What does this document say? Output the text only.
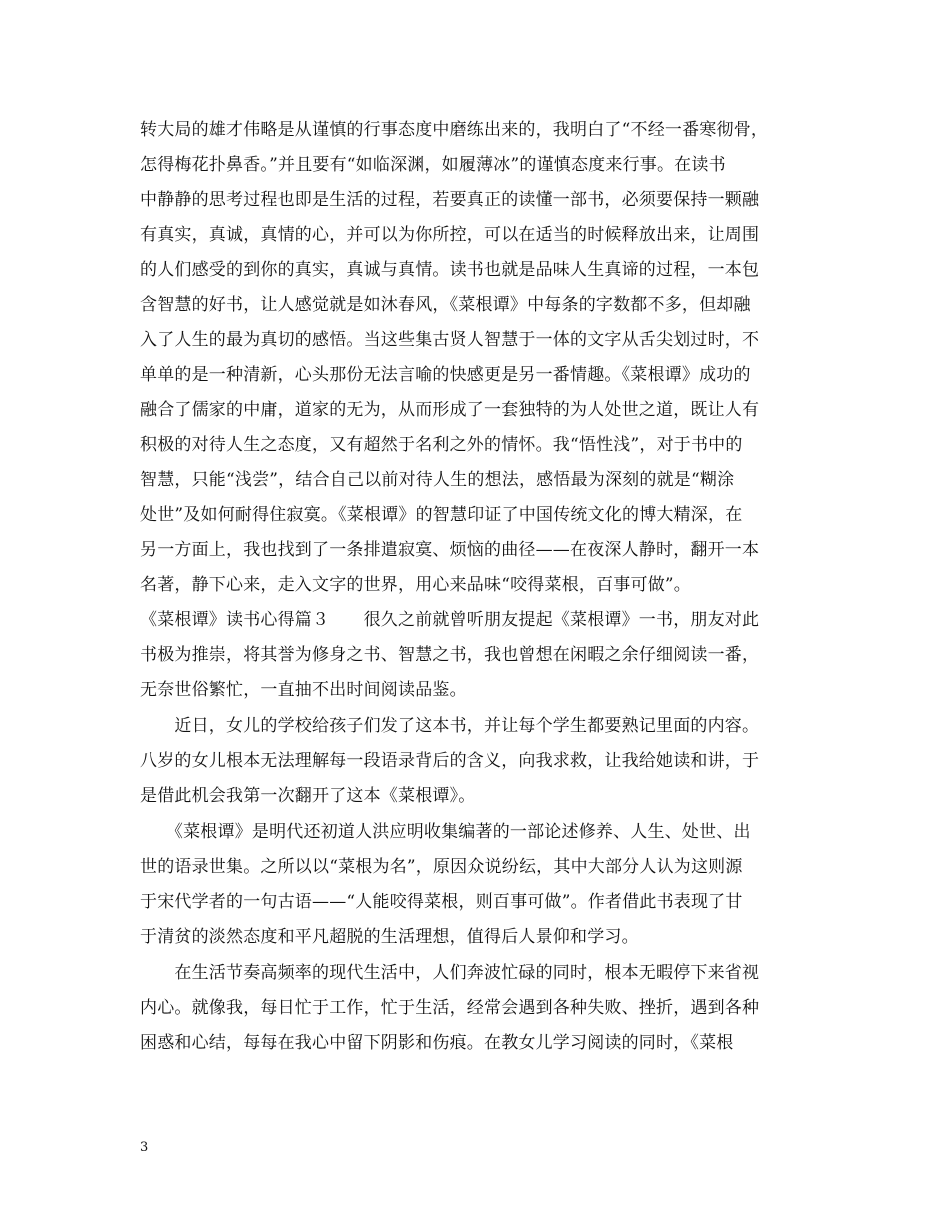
转大局的雄才伟略是从谨慎的行事态度中磨练出来的，我明白了“不经一番寒彻骨，
怎得梅花扑鼻香。”并且要有“如临深渊，如履薄冰”的谨慎态度来行事。在读书
中静静的思考过程也即是生活的过程，若要真正的读懂一部书，必须要保持一颗融
有真实，真诚，真情的心，并可以为你所控，可以在适当的时候释放出来，让周围
的人们感受的到你的真实，真诚与真情。读书也就是品味人生真谛的过程，一本包
含智慧的好书，让人感觉就是如沐春风，《菜根谭》中每条的字数都不多，但却融
入了人生的最为真切的感悟。当这些集古贤人智慧于一体的文字从舌尖划过时，不
单单的是一种清新，心头那份无法言喻的快感更是另一番情趣。《菜根谭》成功的
融合了儒家的中庸，道家的无为，从而形成了一套独特的为人处世之道，既让人有
积极的对待人生之态度，又有超然于名利之外的情怀。我“悟性浅”，对于书中的
智慧，只能“浅尝”，结合自己以前对待人生的想法，感悟最为深刻的就是“糊涂
处世”及如何耐得住寂寞。《菜根谭》的智慧印证了中国传统文化的博大精深，在
另一方面上，我也找到了一条排遣寂寞、烦恼的曲径——在夜深人静时，翻开一本
名著，静下心来，走入文字的世界，用心来品味“咬得菜根，百事可做”。
《菜根谭》读书心得篇３　　很久之前就曾听朋友提起《菜根谭》一书，朋友对此
书极为推崇，将其誉为修身之书、智慧之书，我也曾想在闲暇之余仔细阅读一番，
无奈世俗繁忙，一直抽不出时间阅读品鉴。
　　近日，女儿的学校给孩子们发了这本书，并让每个学生都要熟记里面的内容。
八岁的女儿根本无法理解每一段语录背后的含义，向我求救，让我给她读和讲，于
是借此机会我第一次翻开了这本《菜根谭》。
　　《菜根谭》是明代还初道人洪应明收集编著的一部论述修养、人生、处世、出
世的语录世集。之所以以“菜根为名”，原因众说纷纭，其中大部分人认为这则源
于宋代学者的一句古语——“人能咬得菜根，则百事可做”。作者借此书表现了甘
于清贫的淡然态度和平凡超脱的生活理想，值得后人景仰和学习。
　　在生活节奏高频率的现代生活中，人们奔波忙碌的同时，根本无暇停下来省视
内心。就像我，每日忙于工作，忙于生活，经常会遇到各种失败、挫折，遇到各种
困惑和心结，每每在我心中留下阴影和伤痕。在教女儿学习阅读的同时，《菜根
3
